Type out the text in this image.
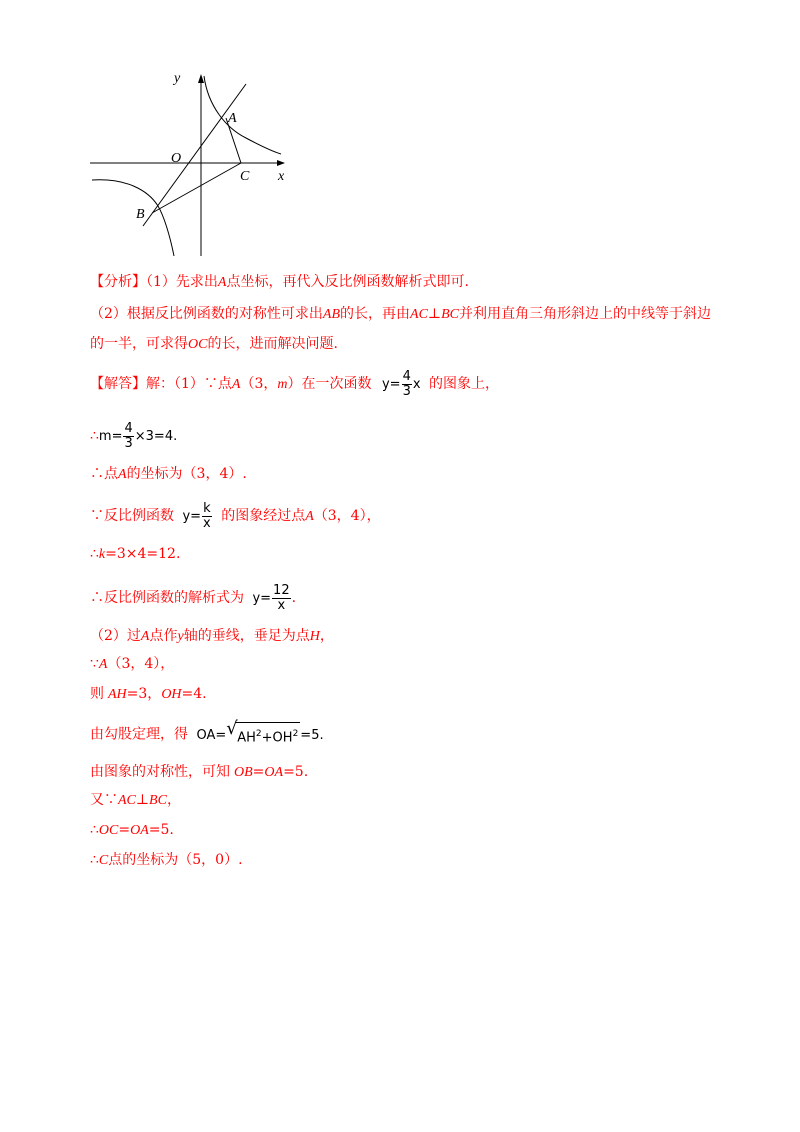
y
x
O
A
B
C
【分析】（1）先求出A点坐标，再代入反比例函数解析式即可.
（2）根据反比例函数的对称性可求出AB的长，再由AC⊥BC并利用直角三角形斜边上的中线等于斜边
的一半，可求得OC的长，进而解决问题.
【解答】解：（1）∵点A（3，m）在一次函数 $y= \frac{4}{3}$ x 的图象上，
∴m= $\frac{4}{3} \times 3=4$.
∴点A的坐标为（3，4）.
∵反比例函数 $y= \frac{k}{x}$ 的图象经过点A（3，4），
∴k=3×4=12.
∴反比例函数的解析式为 $y= \frac{12}{x}$ .
（2）过A点作y轴的垂线，垂足为点H，
∵A（3，4），
则 AH=3，OH=4.
由勾股定理，得 OA= √ $AH^2+OH^2 =5$.
由图象的对称性，可知 OB=OA=5.
又∵AC⊥BC，
∴OC=OA=5.
∴C点的坐标为（5，0）.
